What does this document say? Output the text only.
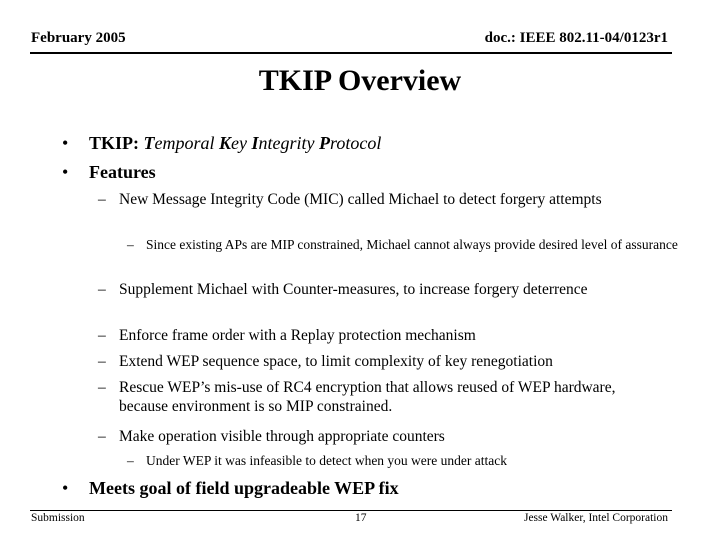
February 2005	doc.: IEEE 802.11-04/0123r1
TKIP Overview
• TKIP: Temporal Key Integrity Protocol
• Features
– New Message Integrity Code (MIC) called Michael to detect forgery attempts
– Since existing APs are MIP constrained, Michael cannot always provide desired level of assurance
– Supplement Michael with Counter-measures, to increase forgery deterrence
– Enforce frame order with a Replay protection mechanism
– Extend WEP sequence space, to limit complexity of key renegotiation
– Rescue WEP’s mis-use of RC4 encryption that allows reused of WEP hardware, because environment is so MIP constrained.
– Make operation visible through appropriate counters
– Under WEP it was infeasible to detect when you were under attack
• Meets goal of field upgradeable WEP fix
Submission	17	Jesse Walker, Intel Corporation
